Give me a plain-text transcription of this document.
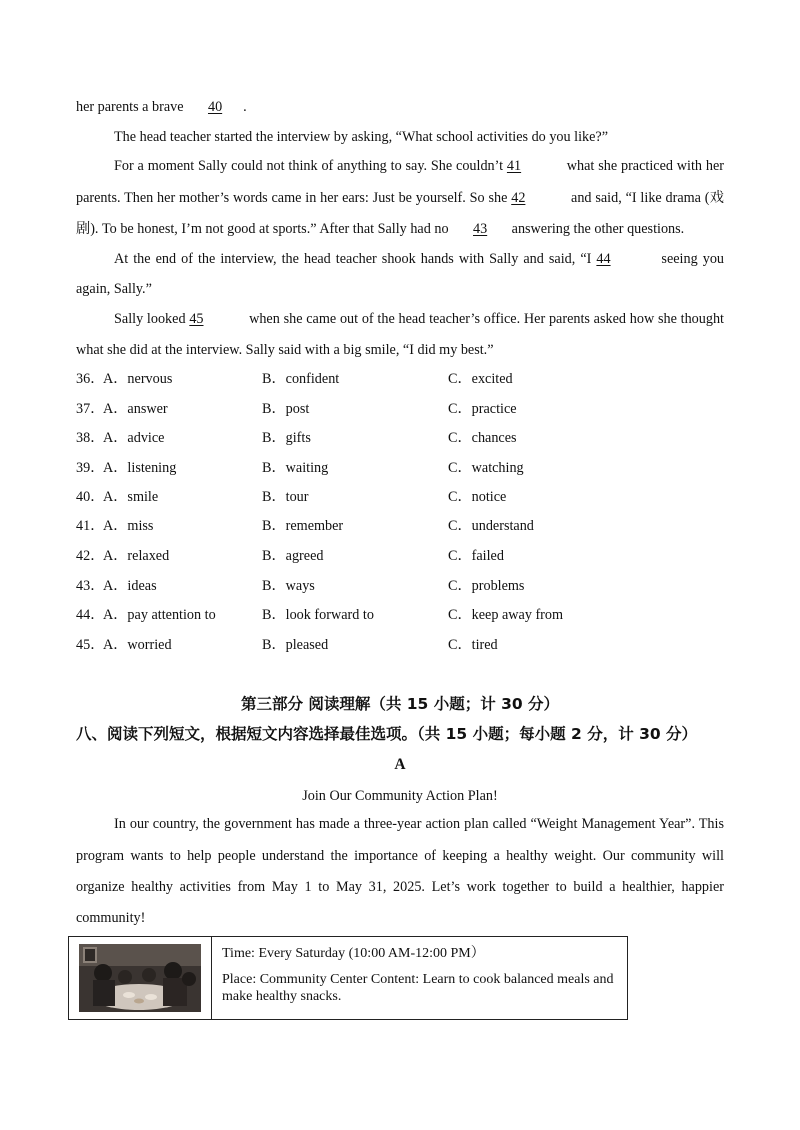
her parents a brave 40 .
The head teacher started the interview by asking, “What school activities do you like?”
For a moment Sally could not think of anything to say. She couldn’t 41	what she practiced with her
parents. Then her mother’s words came in her ears: Just be yourself. So she 42	and said, “I like drama (戏
剧). To be honest, I’m not good at sports.” After that Sally had no 43 answering the other questions.
At the end of the interview, the head teacher shook hands with Sally and said, “I 44	seeing you
again, Sally.”
Sally looked 45	when she came out of the head teacher’s office. Her parents asked how she thought
what she did at the interview. Sally said with a big smile, “I did my best.”
36．
A．nervous	B．confident	C．excited
37．
A．answer	B．post	C．practice
38．
A．advice	B．gifts	C．chances
39．
A．listening	B．waiting	C．watching
40．
A．smile	B．tour	C．notice
41．
A．miss	B．remember	C．understand
42．
A．relaxed	B．agreed	C．failed
43．
A．ideas	B．ways	C．problems
44．
A．pay attention to	B．look forward to	C．keep away from
45．
A．worried	B．pleased	C．tired
第三部分 阅读理解（共 15 小题；计 30 分）
八、阅读下列短文，根据短文内容选择最佳选项。（共 15 小题；每小题 2 分，计 30 分）
A
Join Our Community Action Plan!
In our country, the government has made a three-year action plan called “Weight Management Year”. This
program wants to help people understand the importance of keeping a healthy weight. Our community will
organize healthy activities from May 1 to May 31, 2025. Let’s work together to build a healthier, happier
community!

Time: Every Saturday (10:00 AM-12:00 PM）
Place: Community Center Content: Learn to cook balanced meals and make healthy snacks.
